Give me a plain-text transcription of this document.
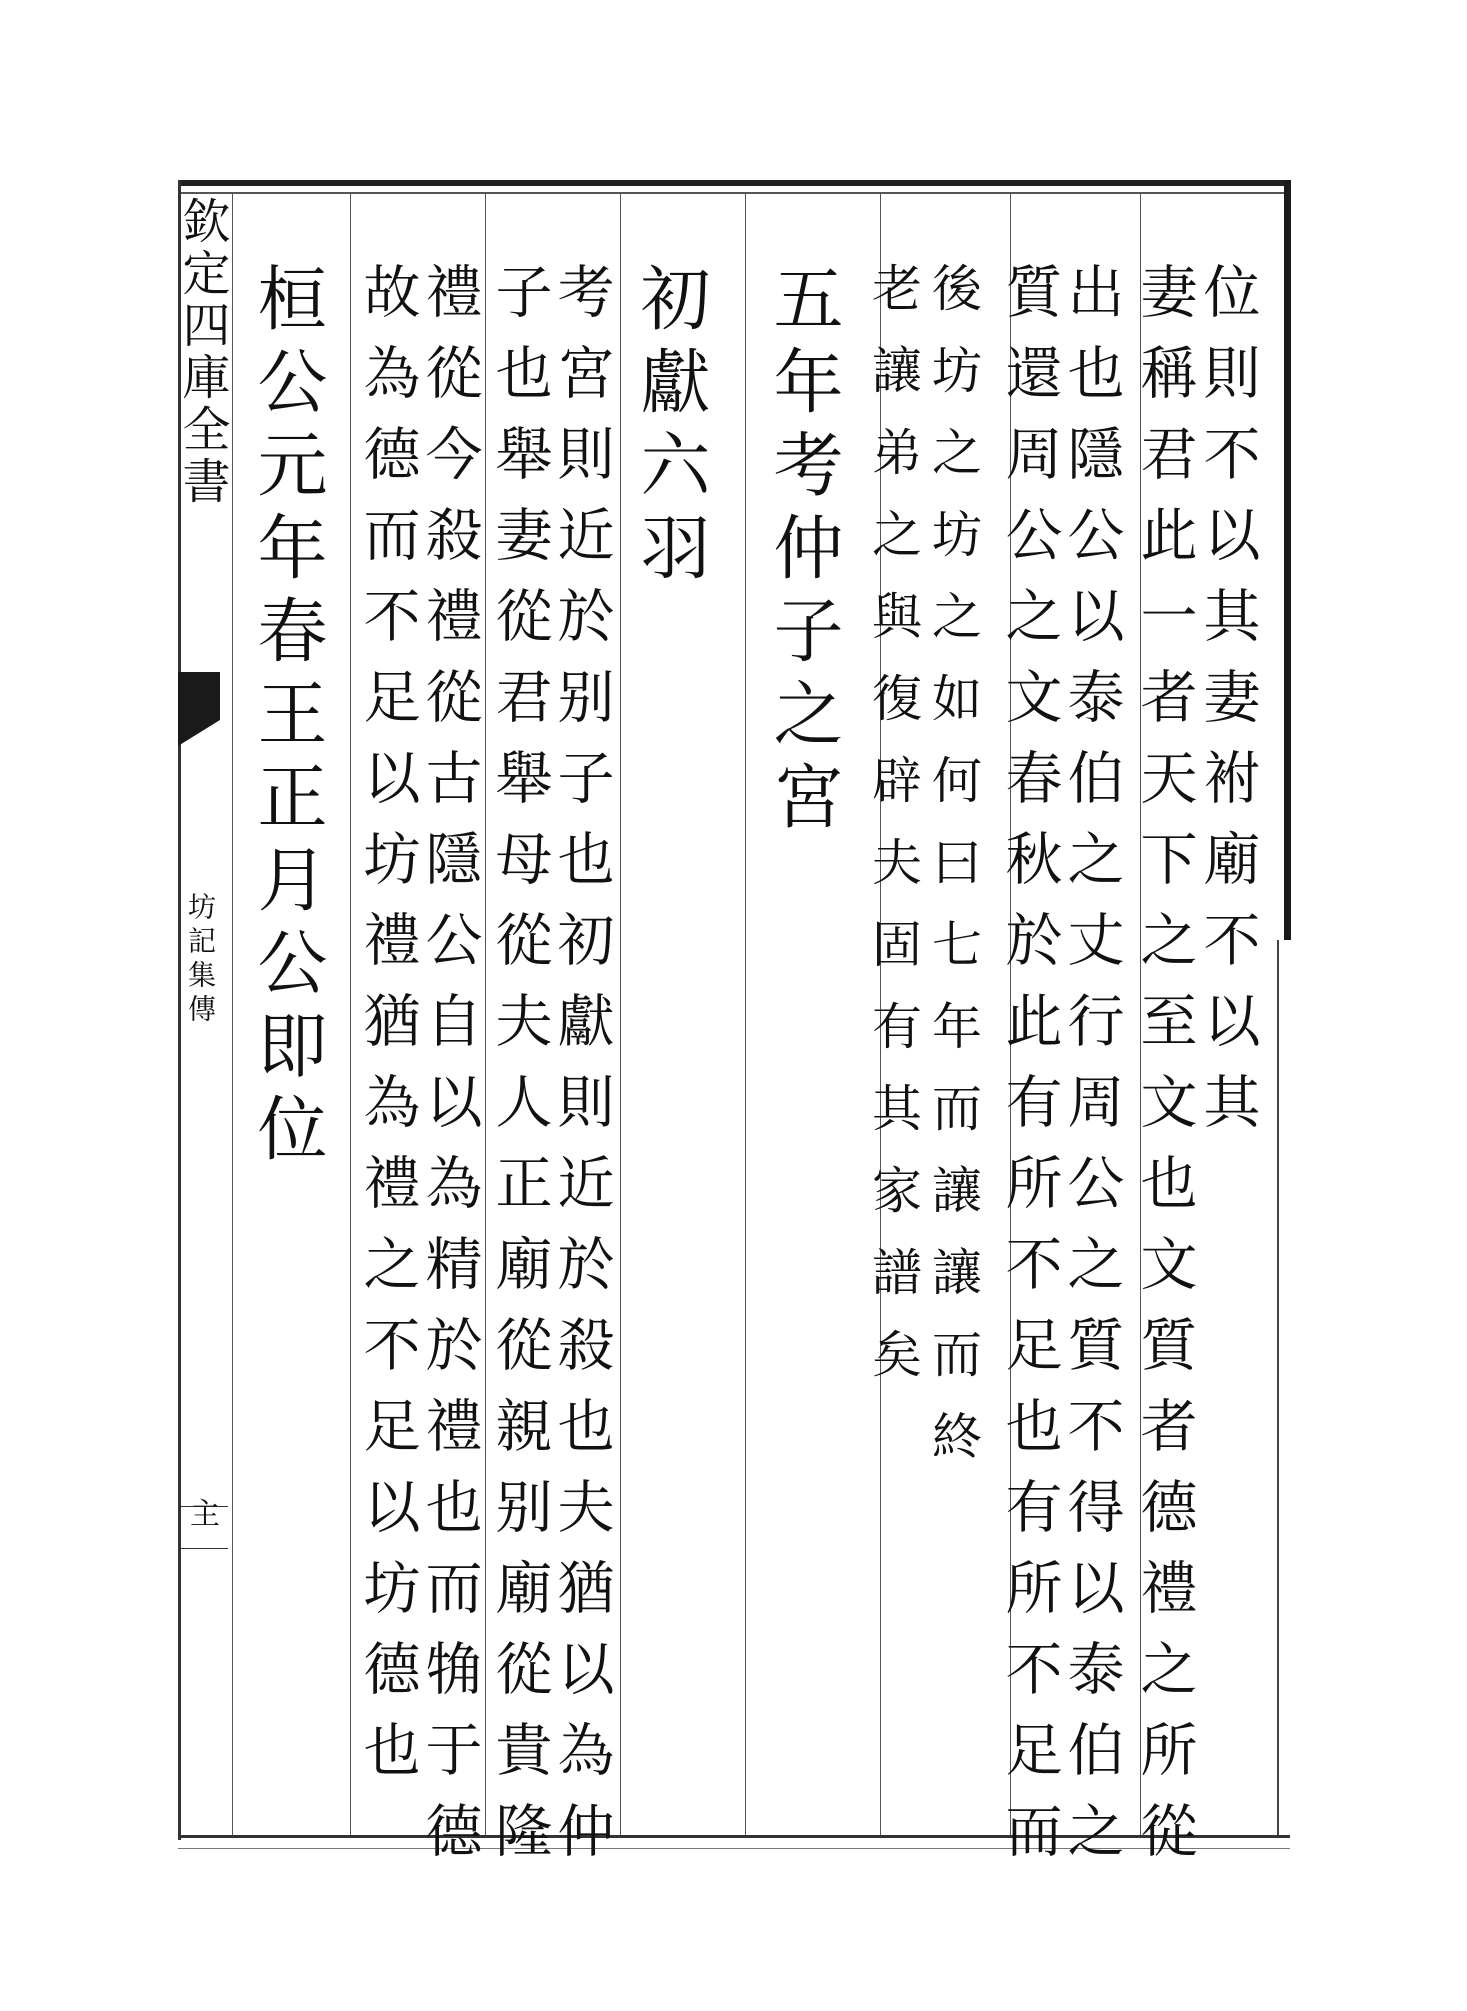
欽定四庫全書
坊記集傳
主
位則不以其妻袝廟不以其
妻稱君此一者天下之至文也文質者德禮之所從
出也隱公以泰伯之丈行周公之質不得以泰伯之
質還周公之文春秋於此有所不足也有所不足而
後坊之坊之如何曰七年而讓讓而終
老讓弟之與復辟夫固有其家譜矣
五年考仲子之宮
初獻六羽
考宮則近於别子也初獻則近於殺也夫猶以為仲
子也舉妻從君舉母從夫人正廟從親别廟從貴隆
禮從今殺禮從古隱公自以為精於禮也而觕于德
故為德而不足以坊禮猶為禮之不足以坊德也
桓公元年春王正月公即位
